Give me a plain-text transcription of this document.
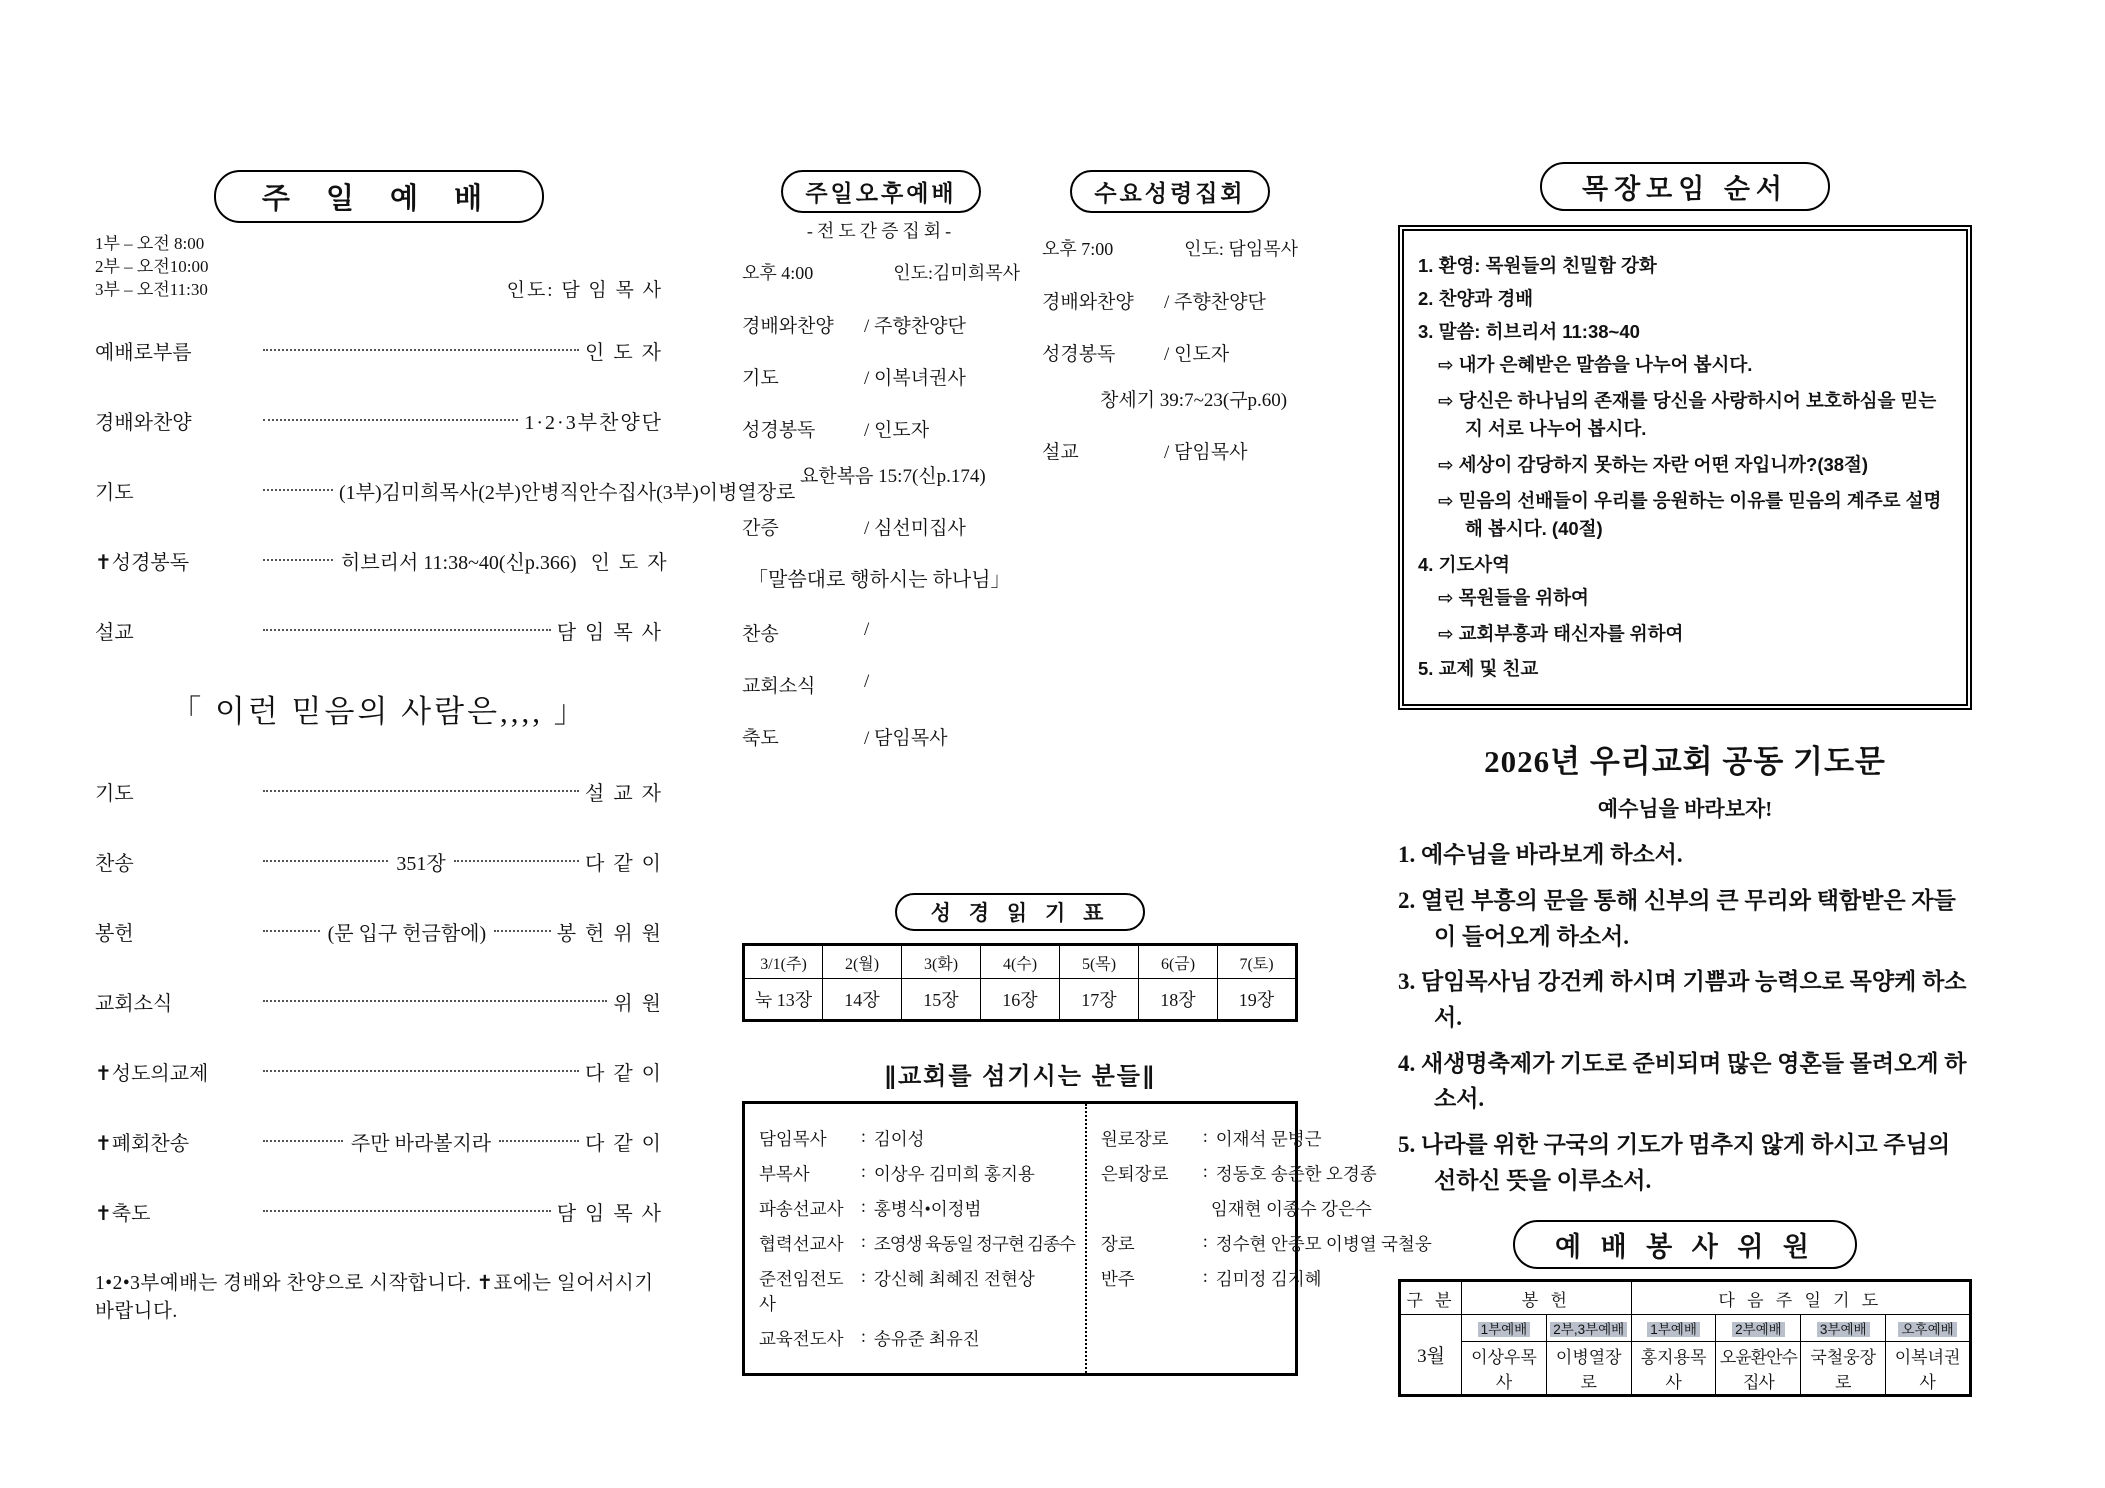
주 일 예 배
1부 – 오전 8:00
2부 – 오전10:00
3부 – 오전11:30	인도: 담 임 목 사
예배로부름	인 도 자
경배와찬양	1·2·3부찬양단
기도	(1부)김미희목사(2부)안병직안수집사(3부)이병열장로
✝성경봉독	히브리서 11:38~40(신p.366) 인 도 자
설교	담 임 목 사
「 이런 믿음의 사람은,,,, 」
기도	설 교 자
찬송	351장	다 같 이
봉헌	(문 입구 헌금함에)	봉 헌 위 원
교회소식	위 원
✝성도의교제	다 같 이
✝폐회찬송	주만 바라볼지라	다 같 이
✝축도	담 임 목 사
1•2•3부예배는 경배와 찬양으로 시작합니다. ✝표에는 일어서시기 바랍니다.
주일오후예배
-전도간증집회-
오후 4:00	인도:김미희목사
경배와찬양	/ 주향찬양단
기도	/ 이복녀권사
성경봉독	/ 인도자
요한복음 15:7(신p.174)
간증	/ 심선미집사
「말씀대로 행하시는 하나님」
찬송	/
교회소식	/
축도	/ 담임목사
수요성령집회
오후 7:00	인도: 담임목사
경배와찬양	/ 주향찬양단
성경봉독	/ 인도자
창세기 39:7~23(구p.60)
설교	/ 담임목사
성 경 읽 기 표
3/1(주)	2(월)	3(화)	4(수)	5(목)	6(금)	7(토)
눅 13장	14장	15장	16장	17장	18장	19장
∥교회를 섬기시는 분들∥
담임목사	: 김이성
부목사	: 이상우 김미희 홍지용
파송선교사 : 홍병식•이정범
협력선교사 : 조영생 육동일 정구현 김종수
준전임전도사
: 강신혜 최혜진 전현상
교육전도사 : 송유준 최유진
원로장로	: 이재석 문병근
은퇴장로	: 정동호 송준한 오경종
임재현 이종수 강은수
장로	: 정수현 안증모 이병열 국철웅
반주	: 김미정 김지혜
목장모임 순서
1. 환영: 목원들의 친밀함 강화
2. 찬양과 경배
3. 말씀: 히브리서 11:38~40
⇨ 내가 은혜받은 말씀을 나누어 봅시다.
⇨ 당신은 하나님의 존재를 당신을 사랑하시어 보호하심을 믿는지 서로 나누어 봅시다.
⇨ 세상이 감당하지 못하는 자란 어떤 자입니까?(38절)
⇨ 믿음의 선배들이 우리를 응원하는 이유를 믿음의 계주로 설명해 봅시다. (40절)
4. 기도사역
⇨ 목원들을 위하여
⇨ 교회부흥과 태신자를 위하여
5. 교제 및 친교
2026년 우리교회 공동 기도문
예수님을 바라보자!
1. 예수님을 바라보게 하소서.
2. 열린 부흥의 문을 통해 신부의 큰 무리와 택함받은 자들이 들어오게 하소서.
3. 담임목사님 강건케 하시며 기쁨과 능력으로 목양케 하소서.
4. 새생명축제가 기도로 준비되며 많은 영혼들 몰려오게 하소서.
5. 나라를 위한 구국의 기도가 멈추지 않게 하시고 주님의 선하신 뜻을 이루소서.
예 배 봉 사 위 원
구 분	봉 헌		다 음 주 일 기 도			
3월	1부예배	2부,3부예배	1부예배	2부예배	3부예배	오후예배
	이상우목사	이병열장로	홍지용목사	오윤환안수집사	국철웅장로	이복녀권사
